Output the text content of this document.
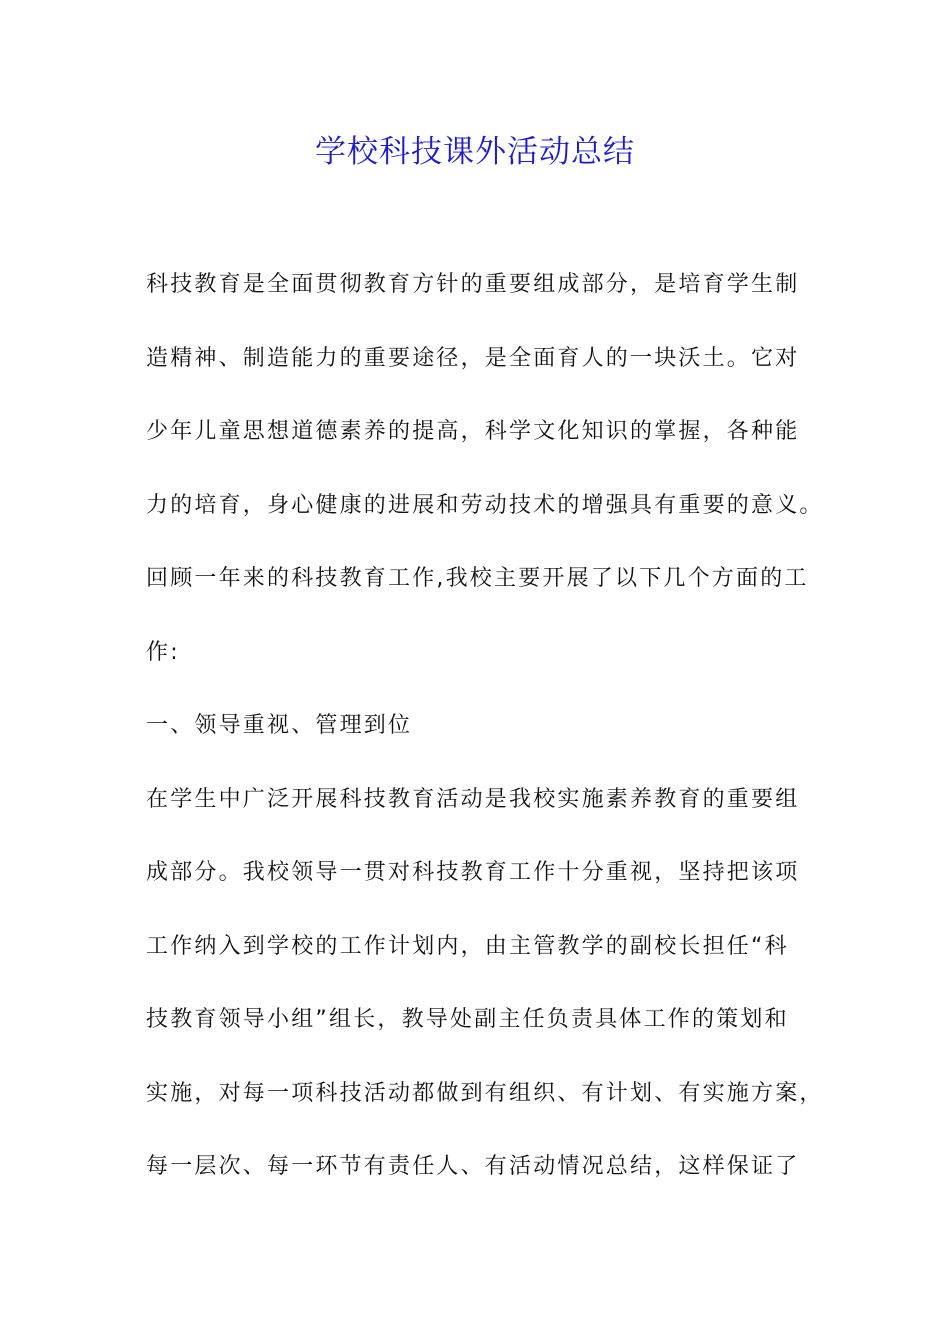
学校科技课外活动总结
科技教育是全面贯彻教育方针的重要组成部分，是培育学生制
造精神、制造能力的重要途径，是全面育人的一块沃土。它对
少年儿童思想道德素养的提高，科学文化知识的掌握，各种能
力的培育，身心健康的进展和劳动技术的增强具有重要的意义。
回顾一年来的科技教育工作,我校主要开展了以下几个方面的工
作:
一、领导重视、管理到位
在学生中广泛开展科技教育活动是我校实施素养教育的重要组
成部分。我校领导一贯对科技教育工作十分重视，坚持把该项
工作纳入到学校的工作计划内，由主管教学的副校长担任“科
技教育领导小组”组长，教导处副主任负责具体工作的策划和
实施，对每一项科技活动都做到有组织、有计划、有实施方案，
每一层次、每一环节有责任人、有活动情况总结，这样保证了
